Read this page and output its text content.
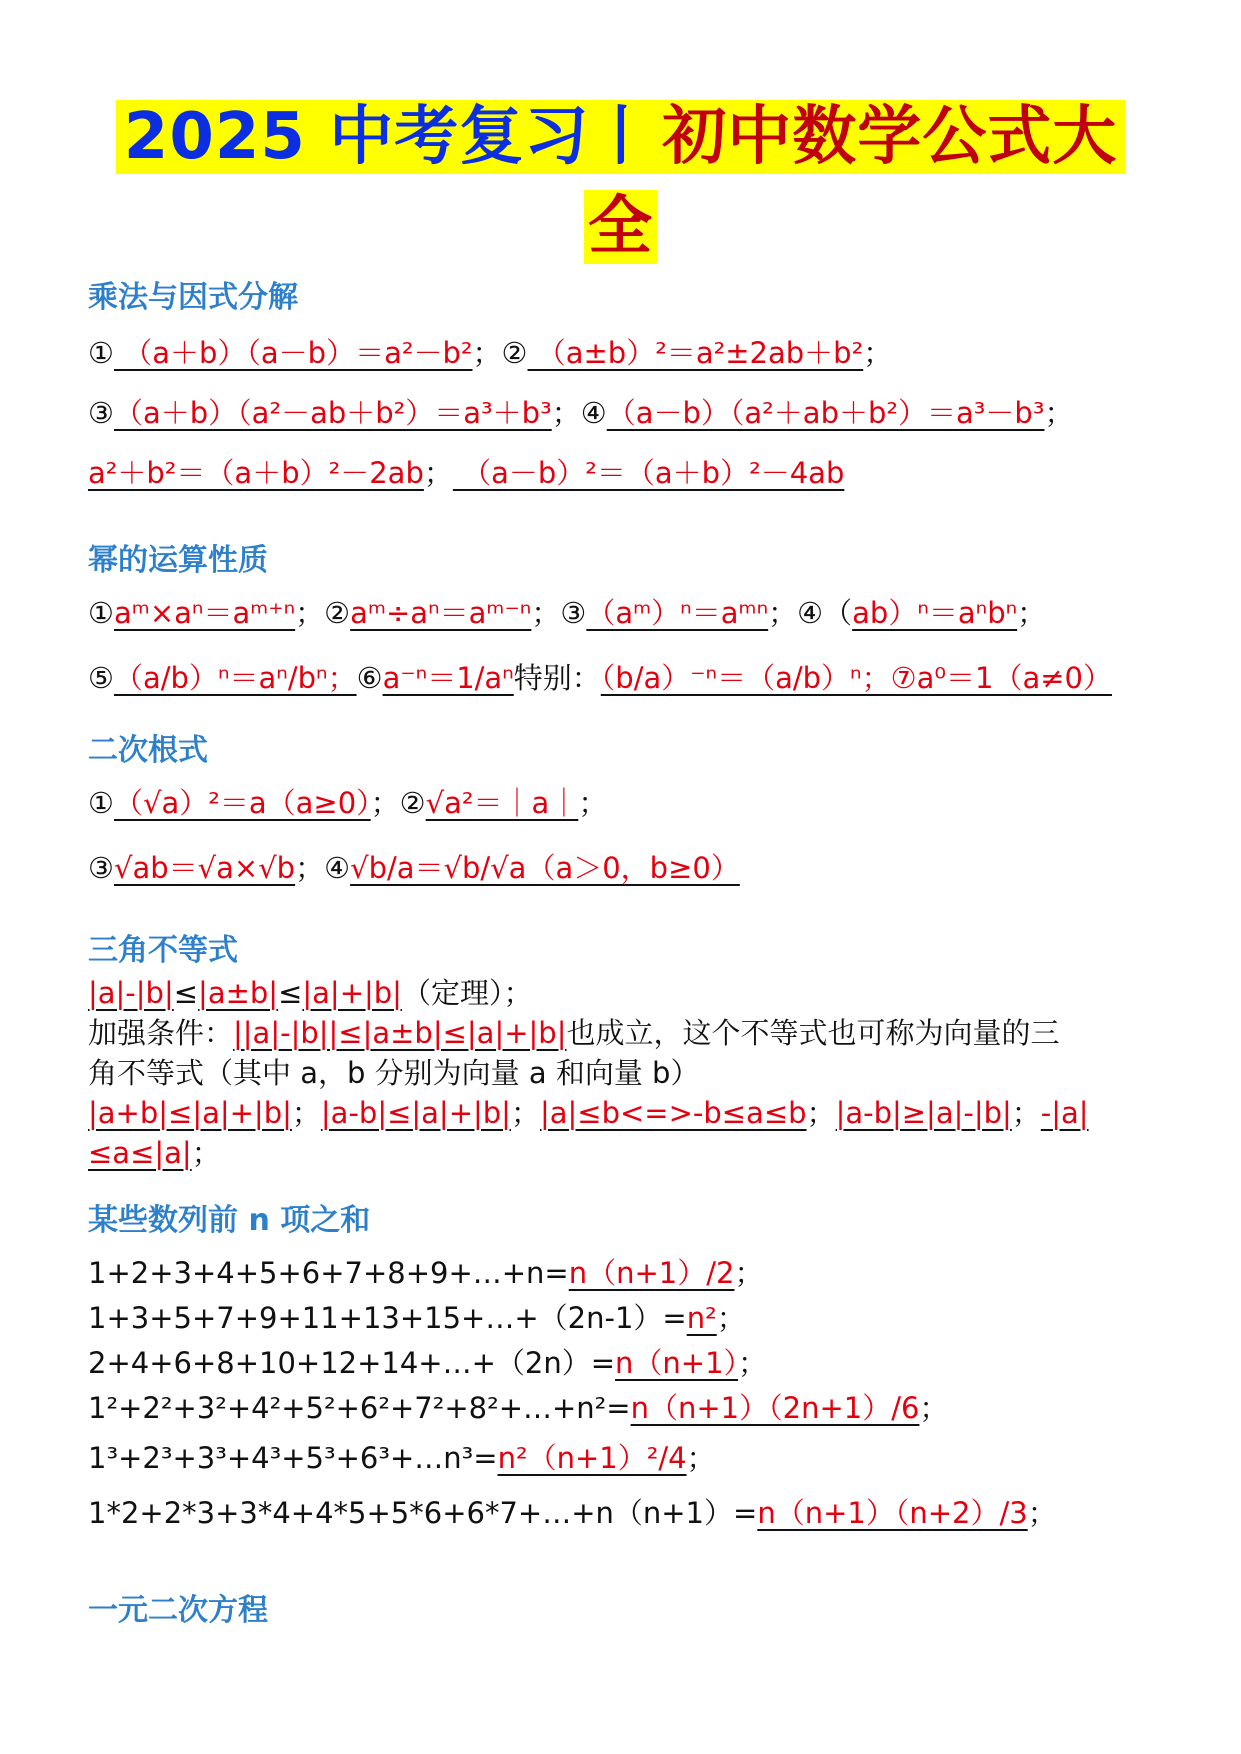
2025 中考复习丨 初中数学公式大
全
乘法与因式分解
① （a＋b）（a－b）＝a²－b²；② （a±b）²＝a²±2ab＋b²；
③（a＋b）（a²－ab＋b²）＝a³＋b³；④（a－b）（a²＋ab＋b²）＝a³－b³；
a²＋b²＝（a＋b）²－2ab； （a－b）²＝（a＋b）²－4ab
幂的运算性质
①aᵐ×aⁿ＝aᵐ⁺ⁿ；②aᵐ÷aⁿ＝aᵐ⁻ⁿ；③（aᵐ）ⁿ＝aᵐⁿ；④（ab）ⁿ＝aⁿbⁿ；
⑤（a/b）ⁿ＝aⁿ/bⁿ；⑥a⁻ⁿ＝1/aⁿ特别：（b/a）⁻ⁿ＝（a/b）ⁿ；⑦a⁰＝1（a≠0）
二次根式
①（√a）²＝a（a≥0）；②√a²＝｜a｜；
③√ab＝√a×√b；④√b/a＝√b/√a（a＞0，b≥0）
三角不等式
|a|-|b|≤|a±b|≤|a|+|b|（定理）；
加强条件：||a|-|b||≤|a±b|≤|a|+|b|也成立，这个不等式也可称为向量的三
角不等式（其中 a，b 分别为向量 a 和向量 b）
|a+b|≤|a|+|b|；|a-b|≤|a|+|b|；|a|≤b<=>-b≤a≤b；|a-b|≥|a|-|b|；-|a|
≤a≤|a|；
某些数列前 n 项之和
1+2+3+4+5+6+7+8+9+…+n=n（n+1）/2；
1+3+5+7+9+11+13+15+…+（2n-1）=n²；
2+4+6+8+10+12+14+…+（2n）=n（n+1）；
1²+2²+3²+4²+5²+6²+7²+8²+…+n²=n（n+1）（2n+1）/6；
1³+2³+3³+4³+5³+6³+…n³=n²（n+1）²/4；
1*2+2*3+3*4+4*5+5*6+6*7+…+n（n+1）=n（n+1）（n+2）/3；
一元二次方程
